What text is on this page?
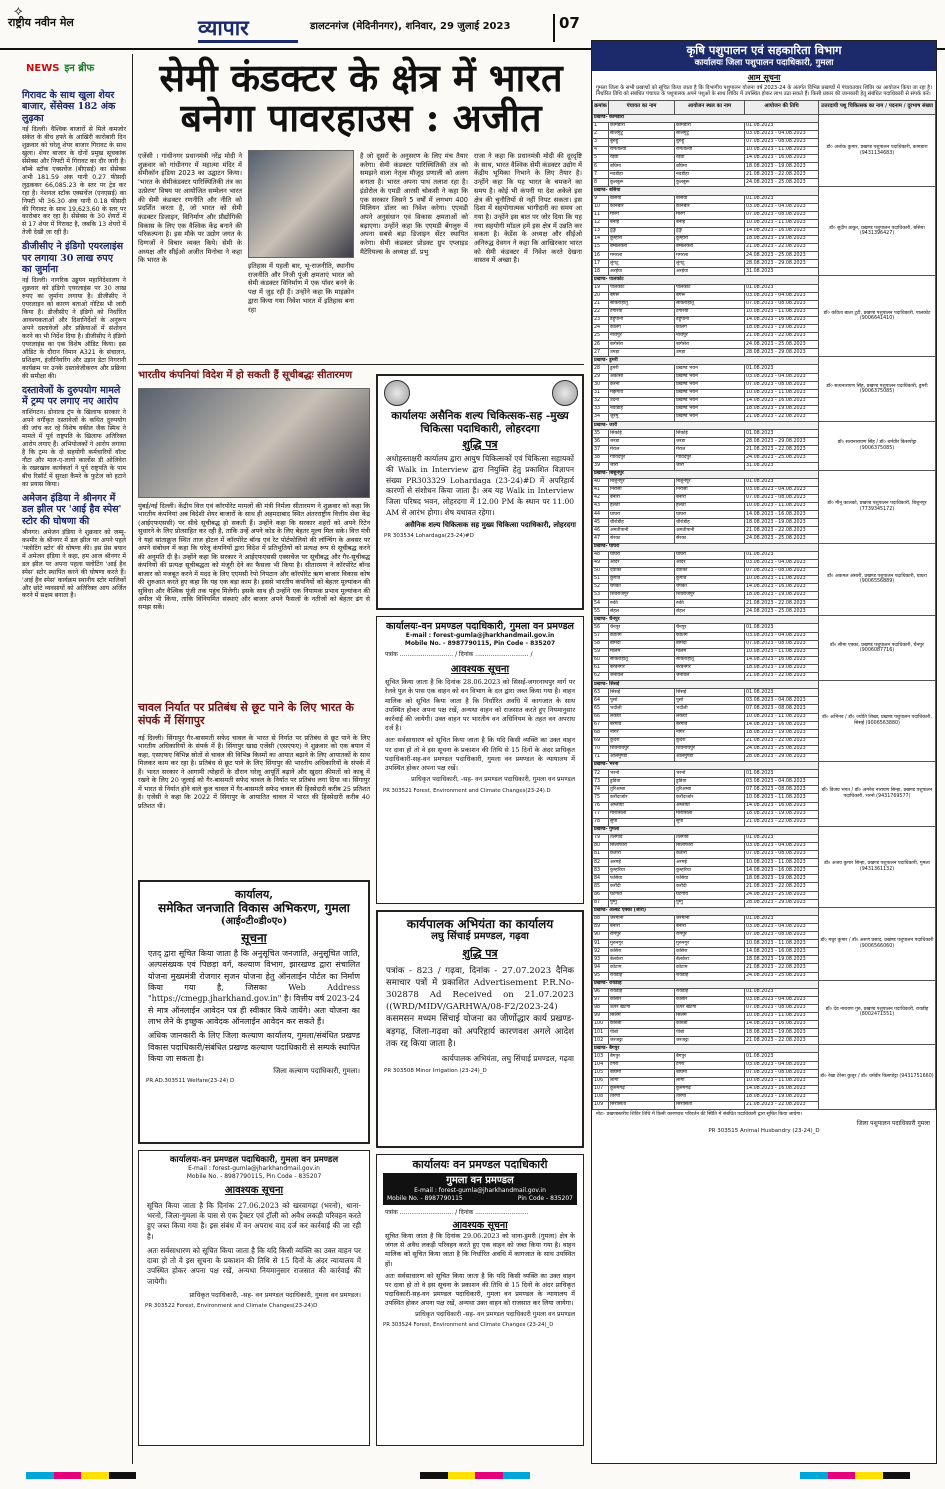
⟡
राष्ट्रीय नवीन मेल	व्यापार	डालटनगंज (मेदिनीनगर), शनिवार, 29 जुलाई 2023	07
NEWS इन ब्रीफ
गिरावट के साथ खुला शेयर बाजार, सेंसेक्स 182 अंक लुढ़का

नई दिल्ली। वैश्विक बाजारों से मिले कमजोर संकेत के बीच हफ्ते के आखिरी कारोबारी दिन शुक्रवार को घरेलू शेयर बाजार गिरावट के साथ खुला। शेयर बाजार के दोनों प्रमुख सूचकांक सेंसेक्स और निफ्टी में गिरावट का दौर जारी है। बॉम्बे स्टॉक एक्सचेंज (बीएसई) का सेंसेक्स अभी 181.59 अंक यानी 0.27 फीसदी लुढ़ककर 66,085.23 के स्तर पर ट्रेड कर रहा है। नेशनल स्टॉक एक्सचेंज (एनएसई) का निफ्टी भी 36.30 अंक यानी 0.18 फीसदी की गिरावट के साथ 19,623.60 के स्तर पर कारोबार कर रहा है। सेंसेक्स के 30 शेयरों में से 17 शेयर में गिरावट है, जबकि 13 शेयरों में तेजी देखी जा रही है।

डीजीसीए ने इंडिगो एयरलाइंस पर लगाया 30 लाख रुपए का जुर्माना

नई दिल्ली। नागरिक उड्डयन महानिदेशालय ने शुक्रवार को इंडिगो एयरलाइंस पर 30 लाख रुपए का जुर्माना लगाया है। डीजीसीए ने एयरलाइन को कारण बताओ नोटिस भी जारी किया है। डीजीसीए ने इंडिगो को निर्धारित आवश्यकताओं और दिशानिर्देशों के अनुरूप अपने दस्तावेजों और प्रक्रियाओं में संशोधन करने का भी निर्देश दिया है। डीजीसीए ने इंडिगो एयरलाइंस का एक विशेष ऑडिट किया। इस ऑडिट के दौरान विमान A321 के संचालन, प्रशिक्षण, इंजीनियरिंग और उड़ान डेटा निगरानी कार्यक्रम पर उनके दस्तावेजीकरण और प्रक्रिया की समीक्षा की।

दस्तावेजों के दुरुपयोग मामले में ट्रम्प पर लगाए नए आरोप

वाशिंगटन। डोनाल्ड ट्रंप के खिलाफ सरकार ने अपने वर्गीकृत दस्तावेजों के कथित दुरुपयोग की जांच कर रहे विशेष वकील जैक स्मिथ ने मामले में पूर्व राष्ट्रपति के खिलाफ अतिरिक्त आरोप लगाए हैं। अभियोजकों ने आरोप लगाया है कि ट्रम्प के दो सहयोगी कर्मचारियों वॉल्ट नौटा और माल-ए-लागो कार्लोस डी ओलिवेरा के रखरखाव कार्यकर्ता ने पूर्व राष्ट्रपति के पाम बीच रिसॉर्ट में सुरक्षा कैमरे के फुटेज को हटाने का प्रयास किया।

अमेजन इंडिया ने श्रीनगर में डल झील पर 'आई हैव स्पेस' स्टोर की घोषणा की

श्रीनगर। अमेजन इंडिया ने शुक्रवार को जम्मू-कश्मीर के श्रीनगर में डल झील पर अपने पहले 'फ्लोटिंग स्टोर' की घोषणा की। इस प्रेस बयान में अमेजन इंडिया ने कहा, हम आज श्रीनगर में डल झील पर अपना पहला फ्लोटिंग 'आई हैव स्पेस' स्टोर स्थापित करने की घोषणा करते हैं। 'आई हैव स्पेस' कार्यक्रम स्थानीय स्टोर मालिकों और छोटे व्यवसायों को अतिरिक्त आय अर्जित करने में सक्षम बनाता है।

सेमी कंडक्टर के क्षेत्र में भारत बनेगा पावरहाउस : अजीत

एजेंसी । गांधीनगर प्रधानमंत्री नरेंद्र मोदी ने शुक्रवार को गांधीनगर में महात्मा मंदिर में सेमीकॉन इंडिया 2023 का उद्घाटन किया। 'भारत के सेमीकंडक्टर पारिस्थितिकी तंत्र का उत्प्रेरण' विषय पर आयोजित सम्मेलन भारत की सेमी कंडक्टर रणनीति और नीति को प्रदर्शित करता है, जो भारत को सेमी कंडक्टर डिजाइन, विनिर्माण और प्रौद्योगिकी विकास के लिए एक वैश्विक केंद्र बनाने की परिकल्पना है। इस मौके पर उद्योग जगत के दिग्गजों ने विचार व्यक्त किये। सेमी के अध्यक्ष और सीईओ अजीत मिनोचा ने कहा कि भारत के

इतिहास में पहली बार, भू-राजनीति, स्थानीय राजनीति और निजी पूंजी क्षमताएं भारत को सेमी कंडक्टर विनिर्माण में एक पॉवर बनने के पक्ष में जुड़ रही हैं। उन्होंने कहा कि माइक्रोन द्वारा किया गया निवेश भारत में इतिहास बना रहा

है जो दूसरों के अनुसरण के लिए मंच तैयार करेगा। सेमी कंडक्टर पारिस्थितिकी तंत्र को समझने वाला नेतृत्व मौजूद प्रणाली को अलग बनाता है। भारत अपना पाथ तलाश रहा है। इंडोरोल के एमडी आरसी चोकसी ने कहा कि एक सरकार जिसने 5 वर्षों में लगभग 400 मिलियन डॉलर का निवेश करेगा। एएमडी अपने अनुसंधान एवं विकास क्षमताओं को बढ़ाएगा। उन्होंने कहा कि एएमडी बेंगलुरु में अपना सबसे बड़ा डिजाइन सेंटर स्थापित करेगा। सेमी कंडक्टर प्रोडक्ट ग्रुप एप्लाइड मैटेरियल्स के अध्यक्ष डॉ. प्रभु

राजा ने कहा कि प्रधानमंत्री मोदी की दूरदृष्टि के साथ, भारत वैश्विक सेमी कंडक्टर उद्योग में केंद्रीय भूमिका निभाने के लिए तैयार है। उन्होंने कहा कि यह भारत के चमकने का समय है। कोई भी कंपनी या देश अकेले इस क्षेत्र की चुनौतियों से नहीं निपट सकता। इस दिशा में सहयोगात्मक भागीदारी का समय आ गया है। उन्होंने इस बात पर जोर दिया कि यह नया सहयोगी मॉडल हमें इस क्षेत्र में उन्नति कर सकता है। केडेंस के अध्यक्ष और सीईओ अनिरुद्ध देवगन ने कहा कि आखिरकार भारत को सेमी कंडक्टर में निवेश करते देखना वास्तव में अच्छा है।

भारतीय कंपनियां विदेश में हो सकती हैं सूचीबद्धः सीतारमण

मुंबई/नई दिल्ली। केंद्रीय वित्त एवं कॉरपोरेट मामलों की मंत्री निर्मला सीतारमण ने शुक्रवार को कहा कि भारतीय कंपनियां अब विदेशी शेयर बाजारों के साथ ही अहमदाबाद स्थित अंतरराष्ट्रीय वित्तीय सेवा केंद्र (आईएफएससी) पर सीधे सूचीबद्ध हो सकती हैं। उन्होंने कहा कि सरकार शहरों को अपने रिटेन सुधारने के लिए प्रोत्साहित कर रही है, ताकि उन्हें अपने कोड के लिए बेहतर मूल्य मिल सके। वित्त मंत्री ने यहां सांताक्रूज स्थित ताज होटल में कॉरपोरेट बॉन्ड एवं रेट पोर्टफोलियो की लॉन्चिंग के अवसर पर अपने संबोधन में कहा कि घरेलू कंपनियों द्वारा विदेश में प्रतिभूतियों को प्रत्यक्ष रूप से सूचीबद्ध करने की अनुमति दी है। उन्होंने कहा कि सरकार ने आईएफएससी एक्सचेंज पर सूचीबद्ध और गैर-सूचीबद्ध कंपनियों की प्रत्यक्ष सूचीबद्धता को मंजूरी देने का फैसला भी किया है। सीतारमण ने कॉरपोरेट बॉन्ड बाजार को मजबूत करने में मदद के लिए एएमसी रेपो निपटान और कॉरपोरेट ऋण बाजार विकास कोष की शुरुआत करते हुए कहा कि यह एक बड़ा काम है। इससे भारतीय कंपनियों को बेहतर मूल्यांकन की सुविधा और वैश्विक पूंजी तक पहुंच मिलेगी। इसके साथ ही उन्होंने एक नियामक प्रभाव मूल्यांकन की अपील भी किया, ताकि विनियमित संस्थाएं और बाजार अपने फैसलों के नतीजों को बेहतर ढंग से समझ सकें।

चावल निर्यात पर प्रतिबंध से छूट पाने के लिए भारत के संपर्क में सिंगापुर

नई दिल्ली। सिंगापुर गैर-बासमती सफेद चावल के भारत से निर्यात पर प्रतिबंध से छूट पाने के लिए भारतीय अधिकारियों के संपर्क में है। सिंगापुर खाद्य एजेंसी (एसएफए) ने शुक्रवार को एक बयान में कहा, एसएफए विभिन्न स्रोतों से चावल की विभिन्न किस्मों का आयात बढ़ाने के लिए आयातकों के साथ मिलकर काम कर रहा है। प्रतिबंध से छूट पाने के लिए सिंगापुर की भारतीय अधिकारियों के संपर्क में हैं। भारत सरकार ने आगामी त्योहारों के दौरान घरेलू आपूर्ति बढ़ाने और खुदरा कीमतों को काबू में रखने के लिए 20 जुलाई को गैर-बासमती सफेद चावल के निर्यात पर प्रतिबंध लगा दिया था। सिंगापुर में भारत से निर्यात होने वाले कुल चावल में गैर-बासमती सफेद चावल की हिस्सेदारी करीब 25 प्रतिशत है। एजेंसी ने कहा कि 2022 में सिंगापुर के आयातित चावल में भारत की हिस्सेदारी करीब 40 प्रतिशत थी।

कार्यालय,
समेकित जनजाति विकास अभिकरण, गुमला
(आई०टी०डी०ए०)
सूचना

एतद् द्वारा सूचित किया जाता है कि अनुसूचित जनजाति, अनुसूचित जाति, अल्पसंख्यक एवं पिछड़ा वर्ग, कल्याण विभाग, झारखण्ड द्वारा संचालित योजना मुख्यमंत्री रोजगार सृजन योजना हेतु ऑनलाईन पोर्टल का निर्माण किया गया है, जिसका Web Address "https://cmegp.jharkhand.gov.in" है। वित्तीय वर्ष 2023-24 से मात्र ऑनलाईन आवेदन पत्र ही स्वीकार किये जायेंगे। अतः योजना का लाभ लेने के इच्छुक आवेदक ऑनलाईन आवेदन कर सकते हैं।

अधिक जानकारी के लिए जिला कल्याण कार्यालय, गुमला/संबंधित प्रखण्ड विकास पदाधिकारी/संबंधित प्रखण्ड कल्याण पदाधिकारी से सम्पर्क स्थापित किया जा सकता है।

जिला कल्याण पदाधिकारी, गुमला।
PR.AD.303511 Welfare(23-24) D
कार्यालयः-वन प्रमण्डल पदाधिकारी, गुमला वन प्रमण्डल
E-mail : forest-gumla@jharkhandmail.gov.in
Mobile No. - 8987790115, Pin Code - 835207
आवश्यक सूचना

सूचित किया जाता है कि दिनांक 27.06.2023 को खरवागढ़ा (भरनो), थाना-भरनो, जिला-गुमला के पास से एक ट्रैक्टर एवं ट्रॉली को अवैध लकड़ी परिवहन करते हुए जब्त किया गया है। इस संबंध में वन अपराध वाद दर्ज कर कार्रवाई की जा रही है।

अतः सर्वसाधारण को सूचित किया जाता है कि यदि किसी व्यक्ति का उक्त वाहन पर दावा हो तो वे इस सूचना के प्रकाशन की तिथि से 15 दिनों के अंदर न्यायालय में उपस्थित होकर अपना पक्ष रखें, अन्यथा नियमानुसार राजसात की कार्रवाई की जायेगी।

प्राधिकृत पदाधिकारी, -सह- वन प्रमण्डल पदाधिकारी, गुमला वन प्रमण्डल।
PR 303522 Forest, Environment and Climate Changes(23-24)D
कार्यालयः असैनिक शल्य चिकित्सक-सह -मुख्य चिकित्सा पदाधिकारी, लोहरदगा
शुद्धि पत्र

अधोहस्ताक्षरी कार्यालय द्वारा आयुष चिकित्सकों एवं चिकित्सा सहायकों की Walk in Interview द्वारा नियुक्ति हेतु प्रकाशित विज्ञापन संख्या PR303329 Lohardaga (23-24)#D में अपरिहार्य कारणों से संशोधन किया जाता है। अब यह Walk in Interview जिला परिषद भवन, लोहरदगा में 12.00 PM के स्थान पर 11.00 AM से आरंभ होगा। शेष यथावत रहेगा।

असैनिक शल्य चिकित्सक सह मुख्य चिकित्सा पदाधिकारी, लोहरदगा
PR 303534 Lohardaga(23-24)#D
कार्यालयः-वन प्रमण्डल पदाधिकारी, गुमला वन प्रमण्डल
E-mail : forest-gumla@jharkhandmail.gov.in
Mobile No. - 8987790115, Pin Code - 835207
पत्रांक ............................ / दिनांक ............................ /
आवश्यक सूचना

सूचित किया जाता है कि दिनांक 28.06.2023 को सिसई-जगरनाथपुर मार्ग पर रेलवे पुल के पास एक वाहन को वन विभाग के दल द्वारा जब्त किया गया है। वाहन मालिक को सूचित किया जाता है कि निर्धारित अवधि में कागजात के साथ उपस्थित होकर अपना पक्ष रखें, अन्यथा वाहन को राजसात करते हुए नियमानुसार कार्रवाई की जायेगी। उक्त वाहन पर भारतीय वन अधिनियम के तहत वन अपराध दर्ज है।

अतः सर्वसाधारण को सूचित किया जाता है कि यदि किसी व्यक्ति का उक्त वाहन पर दावा हो तो वे इस सूचना के प्रकाशन की तिथि से 15 दिनों के अंदर प्राधिकृत पदाधिकारी-सह-वन प्रमण्डल पदाधिकारी, गुमला वन प्रमण्डल के न्यायालय में उपस्थित होकर अपना पक्ष रखें।

प्राधिकृत पदाधिकारी, -सह- वन प्रमण्डल पदाधिकारी, गुमला वन प्रमण्डल
PR 303521 Forest, Environment and Climate Changes(23-24).D
कार्यपालक अभियंता का कार्यालय
लघु सिंचाई प्रमण्डल, गढ़वा
शुद्धि पत्र

पत्रांक - 823 / गढ़वा, दिनांक - 27.07.2023 दैनिक समाचार पत्रों में प्रकाशित Advertisement P.R.No- 302878 Ad Received on 21.07.2023 ((WRD/MIDV/GARHWA/08-F2/2023-24) कसमसन मध्यम सिंचाई योजना का जीर्णोद्धार कार्य प्रखण्ड-बड़गढ़, जिला-गढ़वा को अपरिहार्य कारणवश अगले आदेश तक रद्द किया जाता है।

कार्यपालक अभियंता, लघु सिंचाई प्रमण्डल, गढ़वा
PR 303508 Minor Irrigation (23-24)_D
कार्यालयः वन प्रमण्डल पदाधिकारी
गुमला वन प्रमण्डल
E-mail : forest-gumla@jharkhandmail.gov.in
Mobile No. - 8987790115	Pin Code - 835207
पत्रांक ............................ / दिनांक ............................
आवश्यक सूचना

सूचित किया जाता है कि दिनांक 29.06.2023 को थाना-डुमरी (गुमला) क्षेत्र के जंगल से अवैध लकड़ी परिवहन करते हुए एक वाहन को जब्त किया गया है। वाहन मालिक को सूचित किया जाता है कि निर्धारित अवधि में कागजात के साथ उपस्थित हों।

अतः सर्वसाधारण को सूचित किया जाता है कि यदि किसी व्यक्ति का उक्त वाहन पर दावा हो तो वे इस सूचना के प्रकाशन की तिथि से 15 दिनों के अंदर प्राधिकृत पदाधिकारी-सह-वन प्रमण्डल पदाधिकारी, गुमला वन प्रमण्डल के न्यायालय में उपस्थित होकर अपना पक्ष रखें, अन्यथा उक्त वाहन को राजसात कर लिया जायेगा।

प्राधिकृत पदाधिकारी -सह- वन प्रमण्डल पदाधिकारी गुमला वन प्रमण्डल
PR 303524 Forest, Environment and Climate Changes (23-24)_D
कृषि पशुपालन एवं सहकारिता विभाग
कार्यालयः जिला पशुपालन पदाधिकारी, गुमला
आम सूचना

गुमला जिला के सभी प्रखण्डों को सूचित किया जाता है कि विभागीय पशुपालन योजना वर्ष 2023-24 के अंतर्गत विभिन्न प्रखण्डों में पंचायतवार शिविर का आयोजन किया जा रहा है। निर्धारित तिथि को संबंधित पंचायत के पशुपालक अपने पशुओं के साथ शिविर में उपस्थित होकर लाभ उठा सकते हैं। किसी प्रकार की जानकारी हेतु संबंधित पदाधिकारी से संपर्क करें।

क्रमांक	पंचायत का नाम	आयोजन स्थल का नाम	आयोजन की तिथि	उत्तरदायी पशु चिकित्सक का नाम / पदनाम / दूरभाष संख्या
प्रखण्ड- कामडारा				डॉ० अशोक कुमार, प्रखण्ड पशुपालन पदाधिकारी, कामडारा (9431134683)
1	कामडारा	कामडारा	01.08.2023	
2	सालेगुटू	सालेगुटू	03.08.2023 - 04.08.2023	
3	बुरुहु	बुरुहु	07.08.2023 - 08.08.2023	
4	रामतोल्या	रामतोल्या	10.08.2023 - 11.08.2023	
5	रेड़वा	रेड़वा	14.08.2023 - 16.08.2023	
6	बघिमा	बघिमा	18.08.2023 - 19.08.2023	
7	नवडीहा	नवडीहा	21.08.2023 - 22.08.2023	
8	कुलबुरू	कुलबुरू	24.08.2023 - 25.08.2023	
प्रखण्ड- बसिया				डॉ० सुदीप ठाकुर, प्रखण्ड पशुपालन पदाधिकारी, बसिया (9431396427)
9	बसिया	बसिया	01.08.2023	
10	कोनबीर	कोनबीर	03.08.2023 - 04.08.2023	
11	मोरेंग	मोरेंग	07.08.2023 - 08.08.2023	
12	बनाई	बनाई	10.08.2023 - 11.08.2023	
13	टुकु	टुकु	14.08.2023 - 16.08.2023	
14	कुम्हारी	कुम्हारी	18.08.2023 - 19.08.2023	
15	बम्बलकेरा	बम्बलकेरा	21.08.2023 - 22.08.2023	
16	ममरला	ममरला	24.08.2023 - 25.08.2023	
17	लुंगटू	लुंगटू	28.08.2023 - 29.08.2023	
18	अरईया	अरईया	31.08.2023	
प्रखण्ड- पालकोट				डॉ० कविता बाला टुटी, प्रखण्ड पशुपालन पदाधिकारी, पालकोट (9006641410)
19	पालकोट	पालकोट	01.08.2023	
20	बंगरू	बंगरू	03.08.2023 - 04.08.2023	
21	सोकराहातू	सोकराहातू	07.08.2023 - 08.08.2023	
22	टेंगरिया	टेंगरिया	10.08.2023 - 11.08.2023	
23	डहुपानी	डहुपानी	14.08.2023 - 16.08.2023	
24	कोलेंग	कोलेंग	18.08.2023 - 19.08.2023	
25	नाथपुर	नाथपुर	21.08.2023 - 22.08.2023	
26	बागेसेरा	बागेसेरा	24.08.2023 - 25.08.2023	
27	उमड़ा	उमड़ा	28.08.2023 - 29.08.2023	
प्रखण्ड- डुमरी				डॉ० सत्यनारायण सिंह, प्रखण्ड पशुपालन पदाधिकारी, डुमरी (9006375085)
28	डुमरी	प्रखण्ड भवन	01.08.2023	
29	अकासी	प्रखण्ड भवन	03.08.2023 - 04.08.2023	
30	करनी	प्रखण्ड भवन	07.08.2023 - 08.08.2023	
31	मझगांव	प्रखण्ड भवन	10.08.2023 - 11.08.2023	
32	उदनी	प्रखण्ड भवन	14.08.2023 - 16.08.2023	
33	नवाडीह	प्रखण्ड भवन	18.08.2023 - 19.08.2023	
34	जुरमु	प्रखण्ड भवन	21.08.2023 - 22.08.2023	
प्रखण्ड- जारी				डॉ० सत्यनारायण सिंह / डॉ० धर्मवीर किसपोट्टा (9006375085)
35	सिकोई	सिकोई	01.08.2023	
36	जरडा	जरडा	28.08.2023 - 29.08.2023	
37	मेराल	मेराल	21.08.2023 - 22.08.2023	
38	गोविंदपुर	गोविंदपुर	24.08.2023 - 25.08.2023	
39	जारी	जारी	31.08.2023	
प्रखण्ड- बिशुनपुर				डॉ० मीनू कालको, प्रखण्ड पशुपालन पदाधिकारी, बिशुनपुर (7739345172)
40	बिशुनपुर	बिशुनपुर	01.08.2023	
41	निरासी	निरासी	03.08.2023 - 04.08.2023	
42	बनारी	बनारी	07.08.2023 - 08.08.2023	
43	हेलता	हेलता	10.08.2023 - 11.08.2023	
44	घाघरा	घाघरा	14.08.2023 - 16.08.2023	
45	चीरोडीह	चीरोडीह	18.08.2023 - 19.08.2023	
46	अमतीपानी	अमतीपानी	21.08.2023 - 22.08.2023	
47	सेरका	सेरका	24.08.2023 - 25.08.2023	
प्रखण्ड- घाघरा				डॉ० अकमल अंसारी, प्रखण्ड पशुपालन पदाधिकारी, घाघरा (9006556889)
48	घाघरा	घाघरा	01.08.2023	
49	आदर	आदर	03.08.2023 - 04.08.2023	
50	देवाकी	देवाकी	07.08.2023 - 08.08.2023	
51	कुगांव	कुगांव	10.08.2023 - 11.08.2023	
52	चपका	चपका	14.08.2023 - 16.08.2023	
53	शिवराजपुर	शिवराजपुर	18.08.2023 - 19.08.2023	
54	रुकी	रुकी	21.08.2023 - 22.08.2023	
55	सेहल	सेहल	24.08.2023 - 25.08.2023	
प्रखण्ड- चैनपुर				डॉ० सीमा एक्का, प्रखण्ड पशुपालन पदाधिकारी, चैनपुर (9006087716)
56	चैनपुर	चैनपुर	01.08.2023	
57	कातिंग	कातिंग	03.08.2023 - 04.08.2023	
58	बामदा	बामदा	07.08.2023 - 08.08.2023	
59	मालम	मालम	10.08.2023 - 11.08.2023	
60	सोकराहातू	सोकराहातू	14.08.2023 - 16.08.2023	
61	बरवेनगर	बरवेनगर	18.08.2023 - 19.08.2023	
62	जनावल	जनावल	21.08.2023 - 22.08.2023	
प्रखण्ड- सिसई				डॉ० अभिनव / डॉ० ज्योति शिखा, प्रखण्ड पशुपालन पदाधिकारी, सिसई (9006563880)
63	सिसई	सिसई	01.08.2023	
64	पुसो	पुसो	03.08.2023 - 04.08.2023	
65	भदौली	भदौली	07.08.2023 - 08.08.2023	
66	लकेया	लकेया	10.08.2023 - 11.08.2023	
67	बरगांव	बरगांव	14.08.2023 - 16.08.2023	
68	नागर	नागर	18.08.2023 - 19.08.2023	
69	कुदरा	कुदरा	21.08.2023 - 22.08.2023	
70	शिवनाथपुर	शिवनाथपुर	24.08.2023 - 25.08.2023	
71	ओलमुण्डा	ओलमुण्डा	28.08.2023 - 29.08.2023	
प्रखण्ड- भरनो				डॉ० विजय भगत / डॉ० अमरेश नारायण सिन्हा, प्रखण्ड पशुपालन पदाधिकारी, भरनो (9431769577)
72	भरनो	भरनो	01.08.2023	
73	डुडिया	डुडिया	03.08.2023 - 04.08.2023	
74	तुरिअम्बा	तुरिअम्बा	07.08.2023 - 08.08.2023	
75	करौंदाजोर	करौंदाजोर	10.08.2023 - 11.08.2023	
76	अम्लीया	अम्लीया	14.08.2023 - 16.08.2023	
77	मारासिली	मारासिली	18.08.2023 - 19.08.2023	
78	सुपा	सुपा	21.08.2023 - 22.08.2023	
प्रखण्ड- गुमला				डॉ० अजय कुमार सिन्हा, प्रखण्ड पशुपालन पदाधिकारी, गुमला (9431361132)
79	तेलगांव	तेलगांव	01.08.2023	
80	सिलाफारी	सिलाफारी	03.08.2023 - 04.08.2023	
81	कतारी	कतारी	07.08.2023 - 08.08.2023	
82	अरमई	अरमई	10.08.2023 - 11.08.2023	
83	कुम्हरिया	कुम्हरिया	14.08.2023 - 16.08.2023	
84	फसिया	फसिया	18.08.2023 - 19.08.2023	
85	करौंदी	करौंदी	21.08.2023 - 22.08.2023	
86	घटगांव	घटगांव	24.08.2023 - 25.08.2023	
87	पुग्गु	पुग्गु	28.08.2023 - 29.08.2023	
प्रखण्ड- अल्बर्ट एक्का (जारी)				डॉ० मधुर कुमार / डॉ० अरुण प्रसाद, प्रखण्ड पशुपालन पदाधिकारी (9006566060)
88	जरमाना	जरमाना	01.08.2023	
89	बनारी	बनारी	03.08.2023 - 04.08.2023	
90	रामपुर	रामपुर	07.08.2023 - 08.08.2023	
91	मुरुनगुर	मुरुनगुर	10.08.2023 - 11.08.2023	
92	कसिरा	कसिरा	14.08.2023 - 16.08.2023	
93	बेलकेरा	बेलकेरा	18.08.2023 - 19.08.2023	
94	कोटाम	कोटाम	21.08.2023 - 22.08.2023	
95	रायडीह	रायडीह	24.08.2023 - 25.08.2023	
प्रखण्ड- रायडीह				डॉ० देव नारायण गुरु, प्रखण्ड पशुपालन पदाधिकारी, रायडीह (8002471551)
96	रायडीह	रायडीह	01.08.2023	
97	कांसीर	कांसीर	03.08.2023 - 04.08.2023	
98	ऊपर खटंगा	ऊपर खटंगा	07.08.2023 - 08.08.2023	
99	सिलम	सिलम	10.08.2023 - 11.08.2023	
100	कोब्जा	कोब्जा	14.08.2023 - 16.08.2023	
101	पीबो	पीबो	18.08.2023 - 19.08.2023	
102	जरजट्टा	जरजट्टा	21.08.2023 - 22.08.2023	
प्रखण्ड- बैगपुर				डॉ० रेखा टेरेसा कुजूर / डॉ० धर्मवीर किसपोट्टा (9431751660)
103	बैगपुर	बैगपुर	01.08.2023	
104	टंगरा	टंगरा	03.08.2023 - 04.08.2023	
105	बघिमा	बघिमा	07.08.2023 - 08.08.2023	
106	लौगा	लौगा	10.08.2023 - 11.08.2023	
107	कुरुमगढ़	कुरुमगढ़	14.08.2023 - 16.08.2023	
108	तोरपा	तोरपा	18.08.2023 - 19.08.2023	
109	सिरासिता	सिरासिता	21.08.2023 - 22.08.2023	

नोटः- प्रखण्डस्तरीय शिविर तिथि में किसी कारणवश परिवर्तन की स्थिति में संबंधित पदाधिकारी द्वारा सूचित किया जायेगा।

जिला पशुपालन पदाधिकारी गुमला
PR 303515 Animal Husbandry (23-24)_D
